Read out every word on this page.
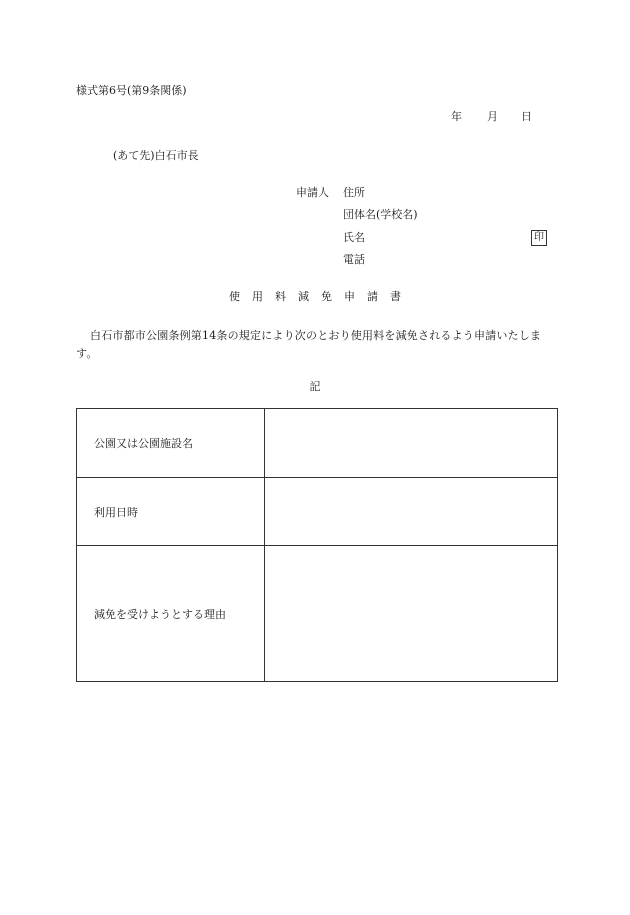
様式第6号(第9条関係)
年 月 日
(あて先)白石市長
申請人 住所
団体名(学校名)
氏名	印
電話
使用料減免申請書
白石市都市公園条例第14条の規定により次のとおり使用料を減免されるよう申請いたします。
記
公園又は公園施設名	
利用日時	
減免を受けようとする理由	
